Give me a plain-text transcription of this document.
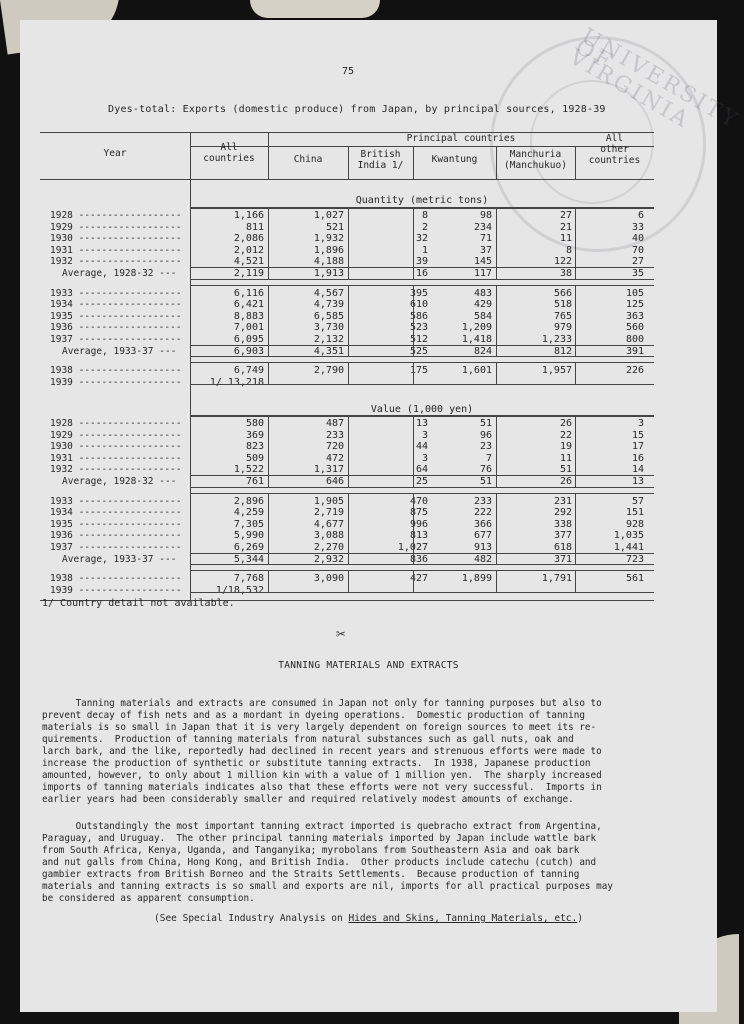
UNIVERSITY OF VIRGINIA
75
Dyes-total: Exports (domestic produce) from Japan, by principal sources, 1928-39
Year
All
countries
Principal countries
China	British
India 1/
Kwantung	Manchuria
(Manchukuo)
All
other
countries
Quantity (metric tons)
1928 ------------------	1,166	1,027	8	98	27	6
1929 ------------------	811	521	2	234	21	33
1930 ------------------	2,086	1,932	32	71	11	40
1931 ------------------	2,012	1,896	1	37	8	70
1932 ------------------	4,521	4,188	39	145	122	27
Average, 1928-32 ---	2,119	1,913	16	117	38	35
1933 ------------------	6,116	4,567	395	483	566	105
1934 ------------------	6,421	4,739	610	429	518	125
1935 ------------------	8,883	6,585	586	584	765	363
1936 ------------------	7,001	3,730	523	1,209	979	560
1937 ------------------	6,095	2,132	512	1,418	1,233	800
Average, 1933-37 ---	6,903	4,351	525	824	812	391
1938 ------------------	6,749	2,790	175	1,601	1,957	226
1939 ------------------	1/ 13,218
Value (1,000 yen)
1928 ------------------	580	487	13	51	26	3
1929 ------------------	369	233	3	96	22	15
1930 ------------------	823	720	44	23	19	17
1931 ------------------	509	472	3	7	11	16
1932 ------------------	1,522	1,317	64	76	51	14
Average, 1928-32 ---	761	646	25	51	26	13
1933 ------------------	2,896	1,905	470	233	231	57
1934 ------------------	4,259	2,719	875	222	292	151
1935 ------------------	7,305	4,677	996	366	338	928
1936 ------------------	5,990	3,088	813	677	377	1,035
1937 ------------------	6,269	2,270	1,027	913	618	1,441
Average, 1933-37 ---	5,344	2,932	836	482	371	723
1938 ------------------	7,768	3,090	427	1,899	1,791	561
1939 ------------------	1/18,532
1/ Country detail not available.
✂
TANNING MATERIALS AND EXTRACTS
Tanning materials and extracts are consumed in Japan not only for tanning purposes but also to
prevent decay of fish nets and as a mordant in dyeing operations.  Domestic production of tanning
materials is so small in Japan that it is very largely dependent on foreign sources to meet its re-
quirements.  Production of tanning materials from natural substances such as gall nuts, oak and
larch bark, and the like, reportedly had declined in recent years and strenuous efforts were made to
increase the production of synthetic or substitute tanning extracts.  In 1938, Japanese production
amounted, however, to only about 1 million kin with a value of 1 million yen.  The sharply increased
imports of tanning materials indicates also that these efforts were not very successful.  Imports in
earlier years had been considerably smaller and required relatively modest amounts of exchange.
Outstandingly the most important tanning extract imported is quebracho extract from Argentina,
Paraguay, and Uruguay.  The other principal tanning materials imported by Japan include wattle bark
from South Africa, Kenya, Uganda, and Tanganyika; myrobolans from Southeastern Asia and oak bark
and nut galls from China, Hong Kong, and British India.  Other products include catechu (cutch) and
gambier extracts from British Borneo and the Straits Settlements.  Because production of tanning
materials and tanning extracts is so small and exports are nil, imports for all practical purposes may
be considered as apparent consumption.
(See Special Industry Analysis on Hides and Skins, Tanning Materials, etc.)
